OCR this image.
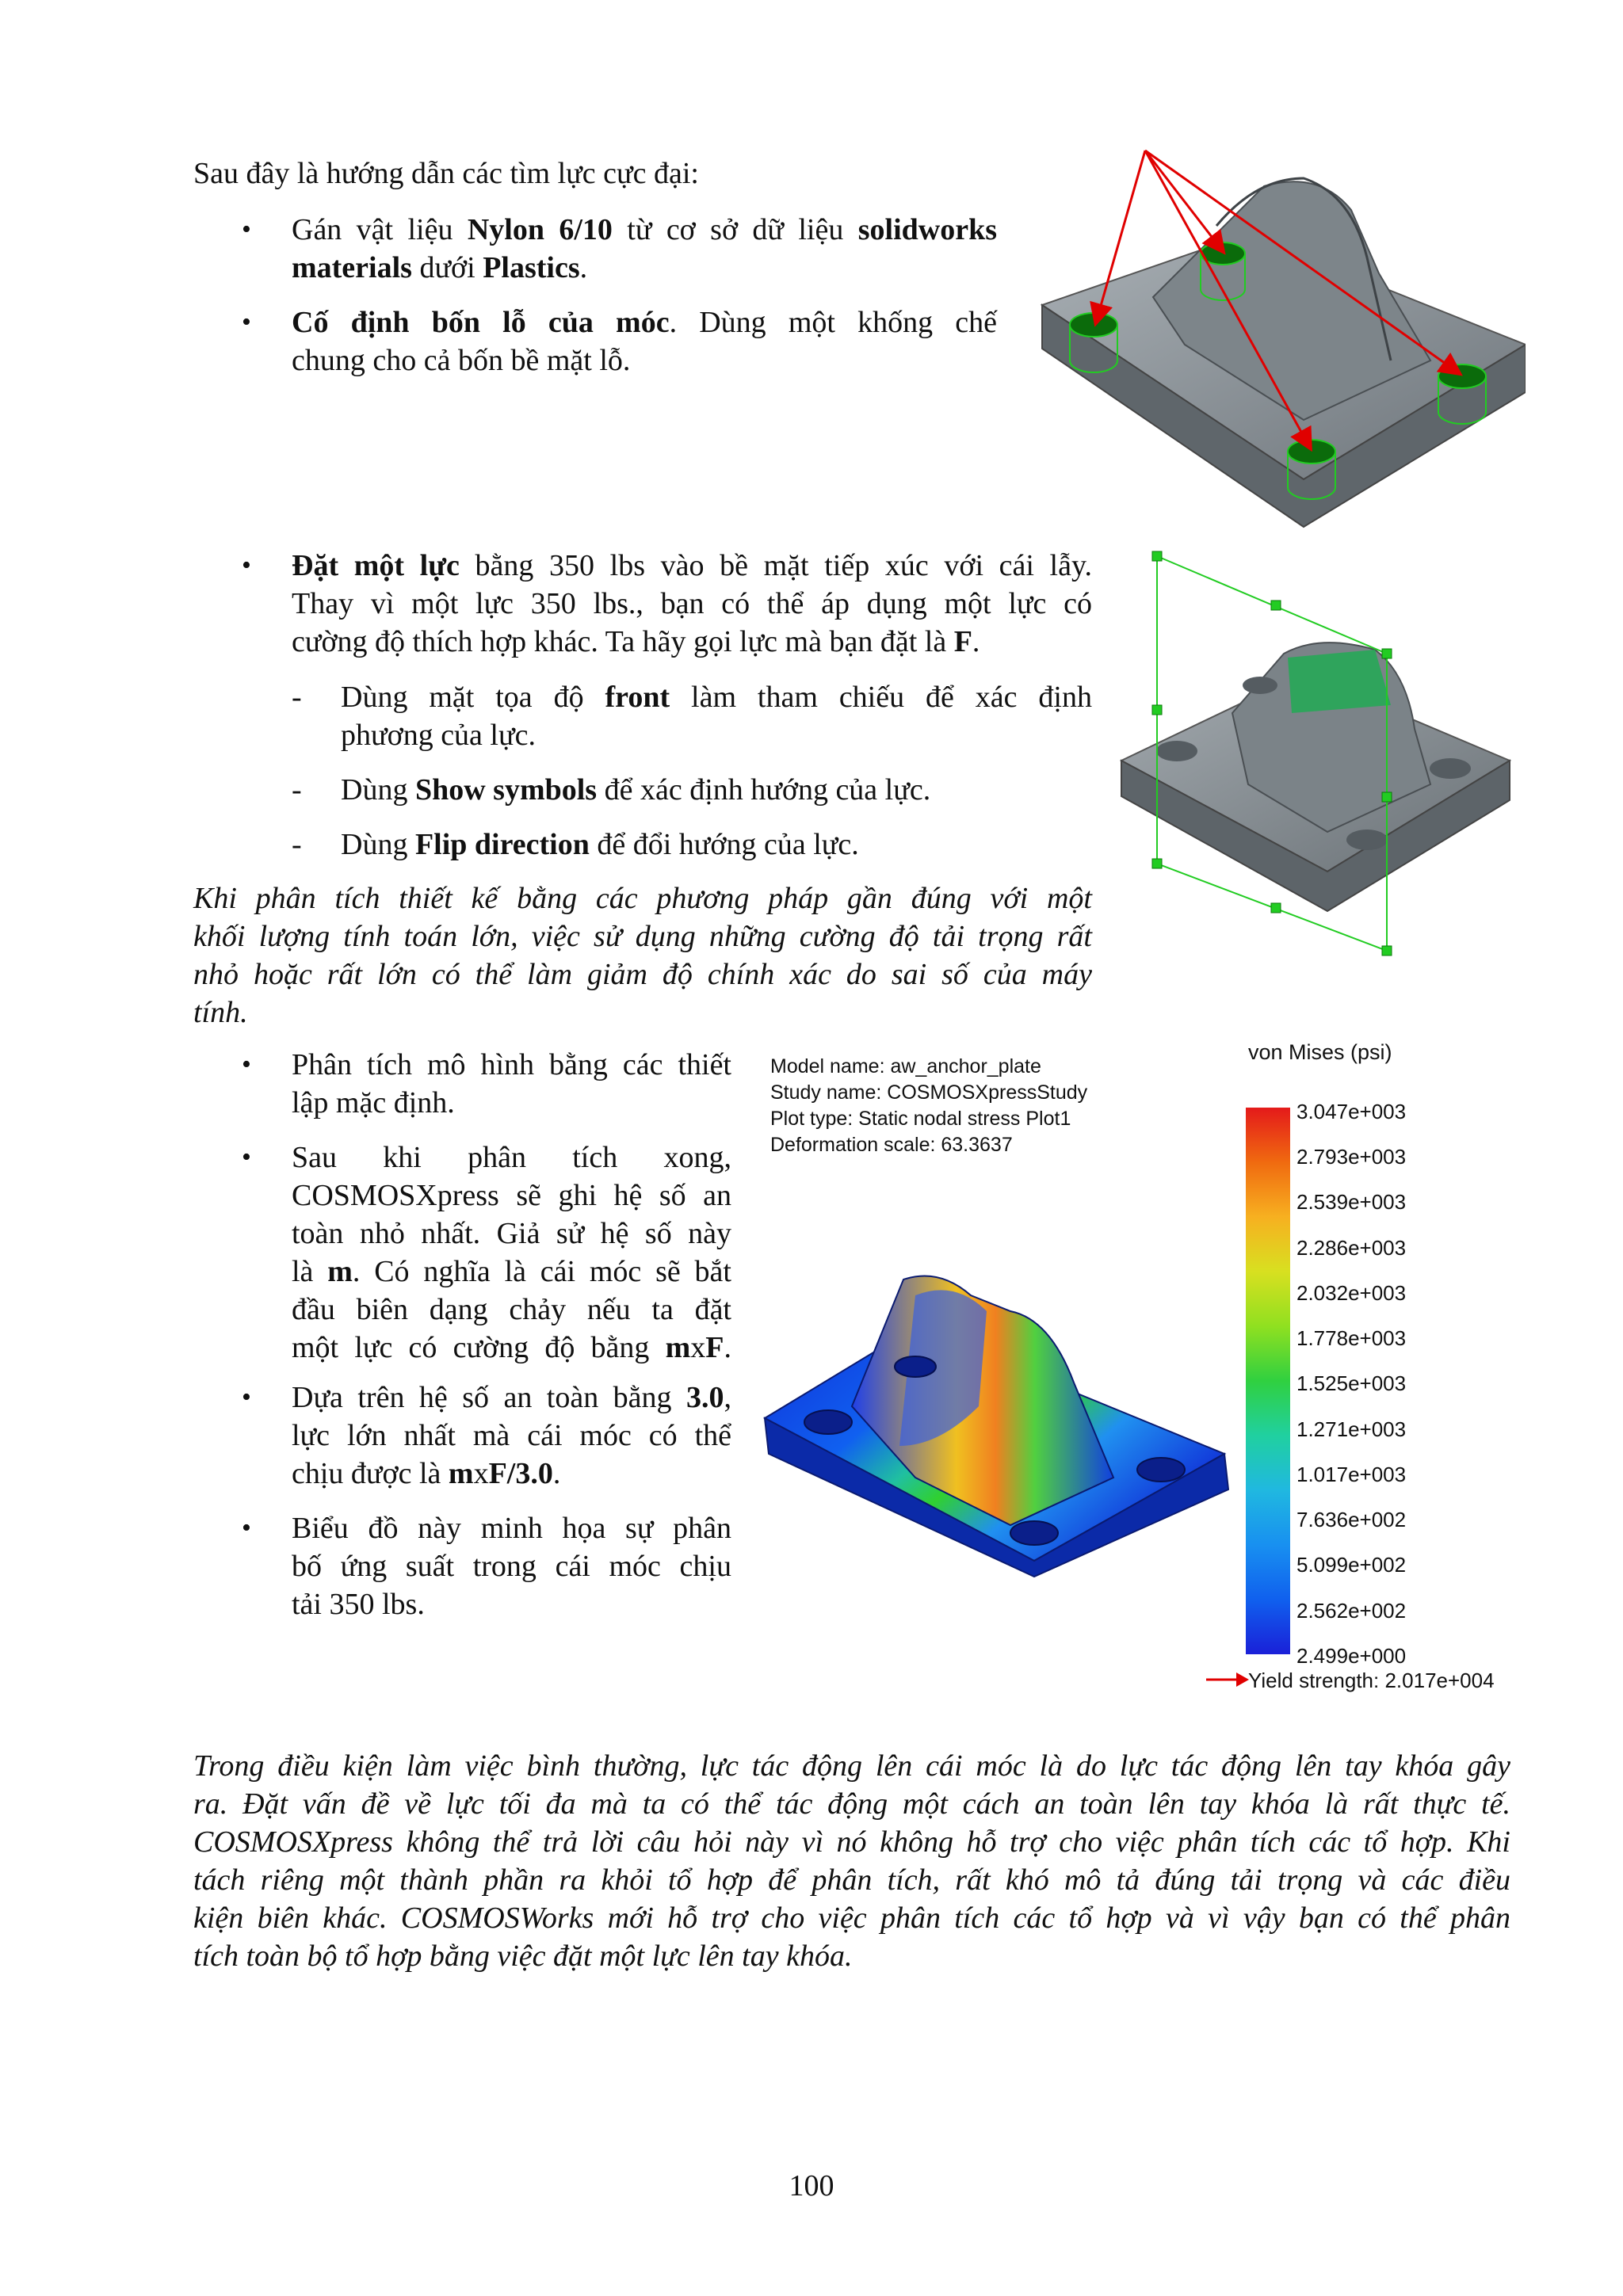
Sau đây là hướng dẫn các tìm lực cực đại:
• Gán vật liệu Nylon 6/10 từ cơ sở dữ liệu solidworks
materials dưới Plastics.
• Cố định bốn lỗ của móc. Dùng một khống chế
chung cho cả bốn bề mặt lỗ.
• Đặt một lực bằng 350 lbs vào bề mặt tiếp xúc với cái lẫy.
Thay vì một lực 350 lbs., bạn có thể áp dụng một lực có
cường độ thích hợp khác. Ta hãy gọi lực mà bạn đặt là F.
- Dùng mặt tọa độ front làm tham chiếu để xác định
phương của lực.
- Dùng Show symbols để xác định hướng của lực.
- Dùng Flip direction để đổi hướng của lực.
Khi phân tích thiết kế bằng các phương pháp gần đúng với một
khối lượng tính toán lớn, việc sử dụng những cường độ tải trọng rất
nhỏ hoặc rất lớn có thể làm giảm độ chính xác do sai số của máy
tính.
• Phân tích mô hình bằng các thiết
lập mặc định.
• Sau khi phân tích xong,
COSMOSXpress sẽ ghi hệ số an
toàn nhỏ nhất. Giả sử hệ số này
là m. Có nghĩa là cái móc sẽ bắt
đầu biên dạng chảy nếu ta đặt
một lực có cường độ bằng mxF.
• Dựa trên hệ số an toàn bằng 3.0,
lực lớn nhất mà cái móc có thể
chịu được là mxF/3.0.
• Biểu đồ này minh họa sự phân
bố ứng suất trong cái móc chịu
tải 350 lbs.
Model name: aw_anchor_plate
Study name: COSMOSXpressStudy
Plot type: Static nodal stress Plot1
Deformation scale: 63.3637
von Mises (psi)
3.047e+003
2.793e+003
2.539e+003
2.286e+003
2.032e+003
1.778e+003
1.525e+003
1.271e+003
1.017e+003
7.636e+002
5.099e+002
2.562e+002
2.499e+000
Yield strength: 2.017e+004
Trong điều kiện làm việc bình thường, lực tác động lên cái móc là do lực tác động lên tay khóa gây
ra. Đặt vấn đề về lực tối đa mà ta có thể tác động một cách an toàn lên tay khóa là rất thực tế.
COSMOSXpress không thể trả lời câu hỏi này vì nó không hỗ trợ cho việc phân tích các tổ hợp. Khi
tách riêng một thành phần ra khỏi tổ hợp để phân tích, rất khó mô tả đúng tải trọng và các điều
kiện biên khác. COSMOSWorks mới hỗ trợ cho việc phân tích các tổ hợp và vì vậy bạn có thể phân
tích toàn bộ tổ hợp bằng việc đặt một lực lên tay khóa.
100
